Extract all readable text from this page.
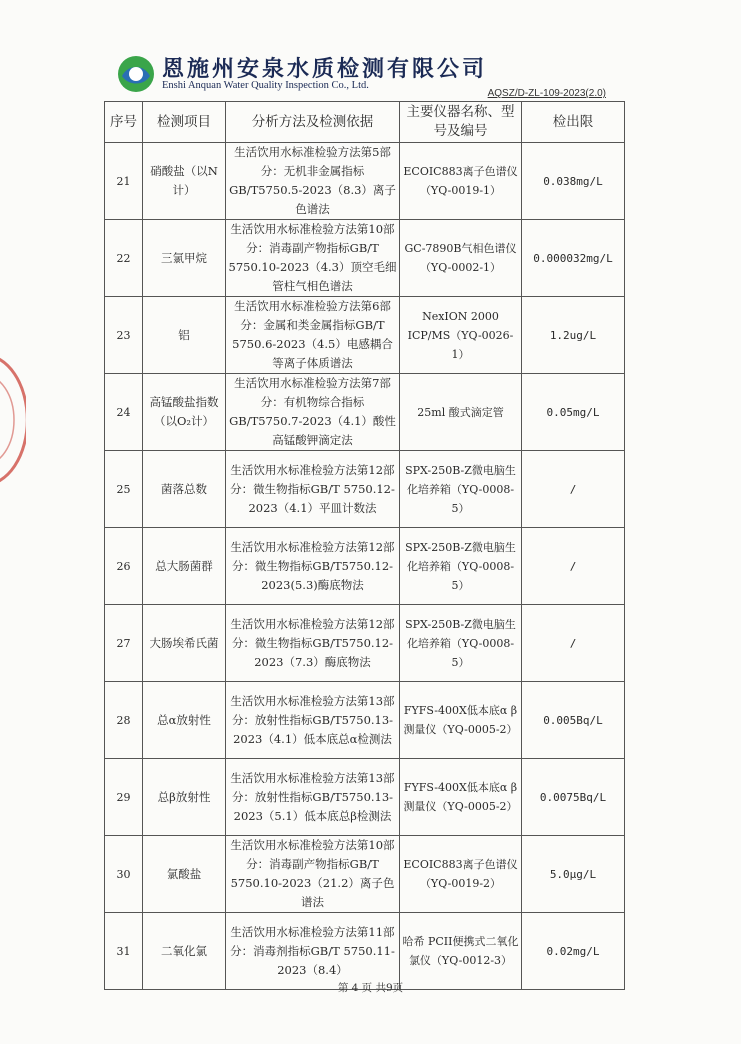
恩施州安泉水质检测有限公司
Enshi Anquan Water Quality Inspection Co., Ltd.
AQSZ/D-ZL-109-2023(2.0)
序号	检测项目	分析方法及检测依据	主要仪器名称、型号及编号	检出限
21	硝酸盐（以N计）	生活饮用水标准检验方法第5部分：无机非金属指标GB/T5750.5-2023（8.3）离子色谱法	ECOIC883离子色谱仪（YQ-0019-1）	0.038mg/L
22	三氯甲烷	生活饮用水标准检验方法第10部分：消毒副产物指标GB/T 5750.10-2023（4.3）顶空毛细管柱气相色谱法	GC-7890B气相色谱仪（YQ-0002-1）	0.000032mg/L
23	铝	生活饮用水标准检验方法第6部分：金属和类金属指标GB/T 5750.6-2023（4.5）电感耦合等离子体质谱法	NexION 2000 ICP/MS（YQ-0026-1）	1.2ug/L
24	高锰酸盐指数（以O₂计）	生活饮用水标准检验方法第7部分：有机物综合指标GB/T5750.7-2023（4.1）酸性高锰酸钾滴定法	25ml 酸式滴定管	0.05mg/L
25	菌落总数	生活饮用水标准检验方法第12部分：微生物指标GB/T 5750.12-2023（4.1）平皿计数法	SPX-250B-Z微电脑生化培养箱（YQ-0008-5）	/
26	总大肠菌群	生活饮用水标准检验方法第12部分：微生物指标GB/T5750.12-2023(5.3)酶底物法	SPX-250B-Z微电脑生化培养箱（YQ-0008-5）	/
27	大肠埃希氏菌	生活饮用水标准检验方法第12部分：微生物指标GB/T5750.12-2023（7.3）酶底物法	SPX-250B-Z微电脑生化培养箱（YQ-0008-5）	/
28	总α放射性	生活饮用水标准检验方法第13部分：放射性指标GB/T5750.13-2023（4.1）低本底总α检测法	FYFS-400X低本底α β测量仪（YQ-0005-2）	0.005Bq/L
29	总β放射性	生活饮用水标准检验方法第13部分：放射性指标GB/T5750.13-2023（5.1）低本底总β检测法	FYFS-400X低本底α β测量仪（YQ-0005-2）	0.0075Bq/L
30	氯酸盐	生活饮用水标准检验方法第10部分：消毒副产物指标GB/T 5750.10-2023（21.2）离子色谱法	ECOIC883离子色谱仪（YQ-0019-2）	5.0μg/L
31	二氧化氯	生活饮用水标准检验方法第11部分：消毒剂指标GB/T 5750.11-2023（8.4）	哈希 PCII便携式二氧化氯仪（YQ-0012-3）	0.02mg/L
第 4 页 共9页
